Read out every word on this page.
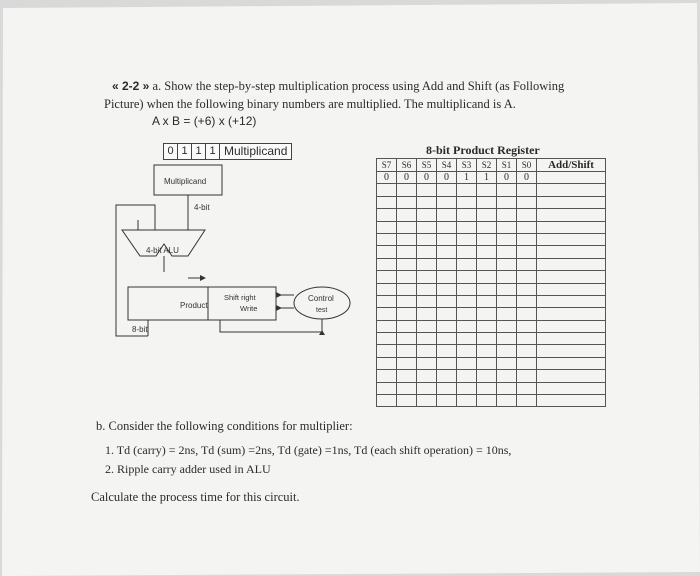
« 2-2 » a. Show the step-by-step multiplication process using Add and Shift (as Following
Picture) when the following binary numbers are multiplied. The multiplicand is A.
A x B = (+6) x (+12)
0 1 1 1 Multiplicand
Multiplicand
4-bit
4-bit ALU
Product
Shift right
Write
Control
test
8-bit
8-bit Product Register
S7	S6	S5	S4	S3	S2	S1	S0	Add/Shift
0	0	0	0	1	1	0	0	

b. Consider the following conditions for multiplier:
1. Td (carry) = 2ns, Td (sum) =2ns, Td (gate) =1ns, Td (each shift operation) = 10ns,
2. Ripple carry adder used in ALU
Calculate the process time for this circuit.
